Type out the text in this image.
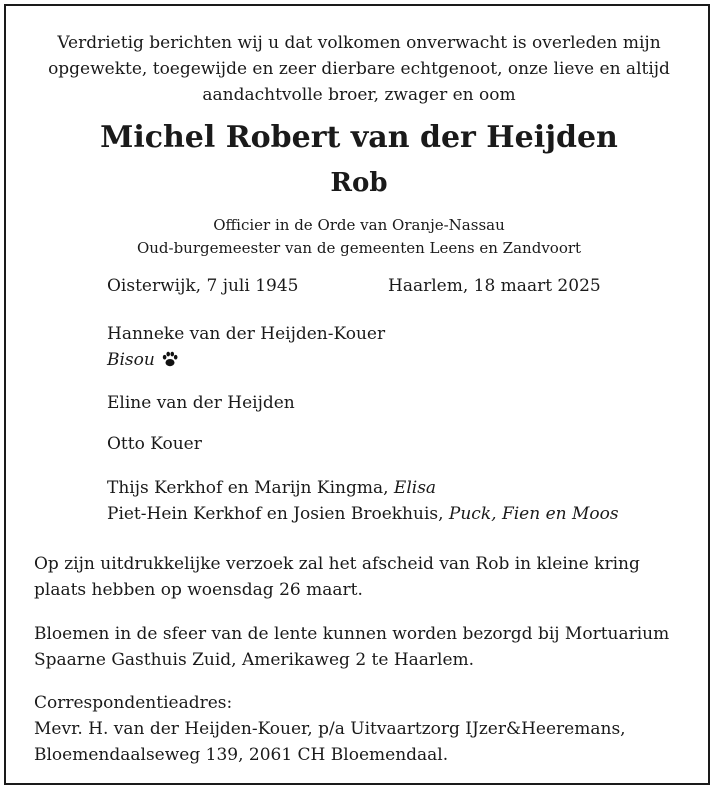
Verdrietig berichten wij u dat volkomen onverwacht is overleden mijn
opgewekte, toegewijde en zeer dierbare echtgenoot, onze lieve en altijd
aandachtvolle broer, zwager en oom
Michel Robert van der Heijden
Rob
Officier in de Orde van Oranje-Nassau
Oud-burgemeester van de gemeenten Leens en Zandvoort
Oisterwijk, 7 juli 1945	Haarlem, 18 maart 2025
Hanneke van der Heijden-Kouer
Bisou
Eline van der Heijden
Otto Kouer
Thijs Kerkhof en Marijn Kingma, Elisa
Piet-Hein Kerkhof en Josien Broekhuis, Puck, Fien en Moos
Op zijn uitdrukkelijke verzoek zal het afscheid van Rob in kleine kring
plaats hebben op woensdag 26 maart.
Bloemen in de sfeer van de lente kunnen worden bezorgd bij Mortuarium
Spaarne Gasthuis Zuid, Amerikaweg 2 te Haarlem.
Correspondentieadres:
Mevr. H. van der Heijden-Kouer, p/a Uitvaartzorg IJzer&Heeremans,
Bloemendaalseweg 139, 2061 CH Bloemendaal.
